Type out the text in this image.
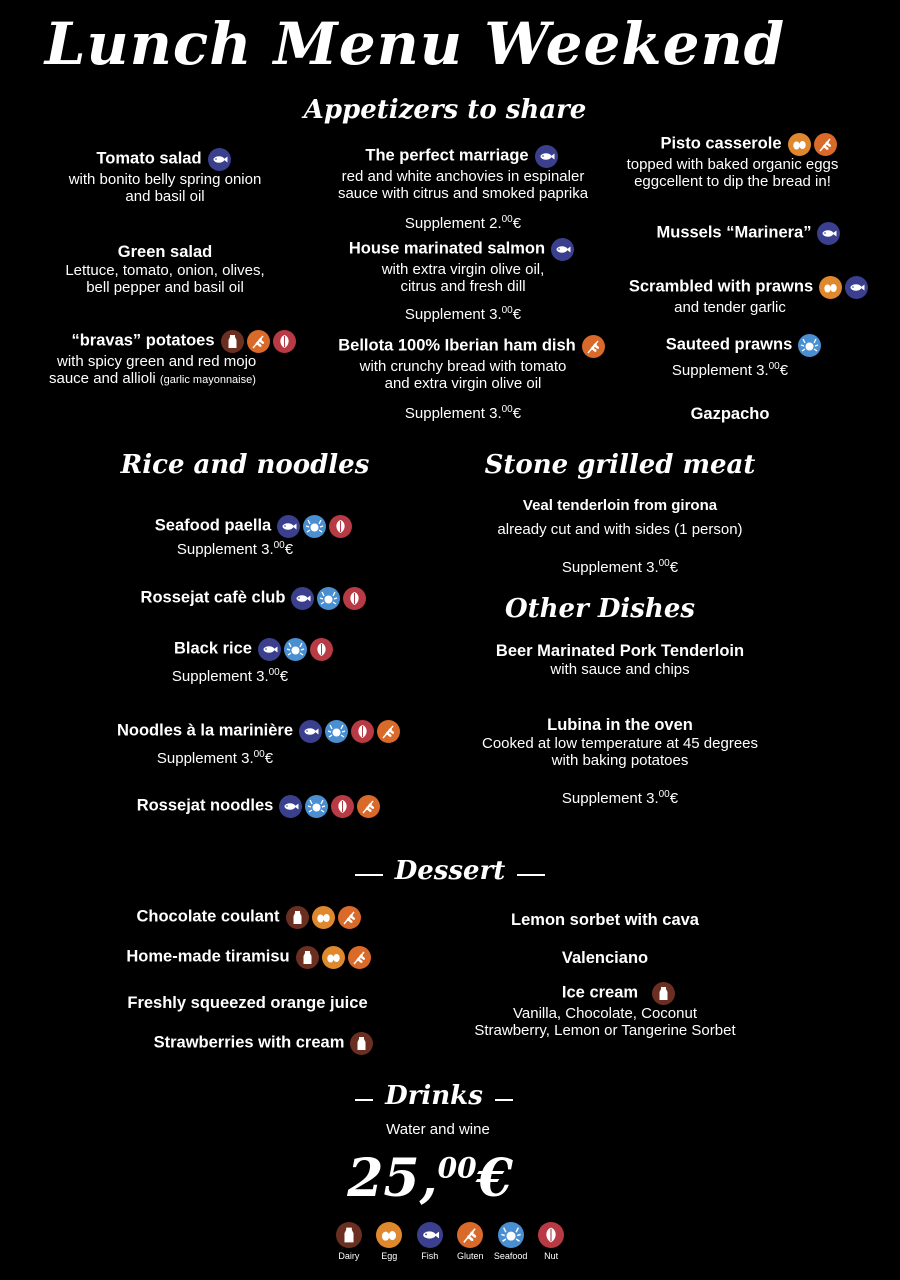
Lunch Menu Weekend
Appetizers to share
Tomato salad
with bonito belly spring onion
and basil oil
Green salad
Lettuce, tomato, onion, olives,
bell pepper and basil oil
“bravas” potatoes
with spicy green and red mojo
sauce and allioli (garlic mayonnaise)
The perfect marriage
red and white anchovies in espinaler
sauce with citrus and smoked paprika
Supplement 2.00€
House marinated salmon
with extra virgin olive oil,
citrus and fresh dill
Supplement 3.00€
Bellota 100% Iberian ham dish
with crunchy bread with tomato
and extra virgin olive oil
Supplement 3.00€
Pisto casserole
topped with baked organic eggs
eggcellent to dip the bread in!
Mussels “Marinera”
Scrambled with prawns
and tender garlic
Sauteed prawns
Supplement 3.00€
Gazpacho
Rice and noodles
Seafood paella
Supplement 3.00€
Rossejat cafè club
Black rice
Supplement 3.00€
Noodles à la marinière
Supplement 3.00€
Rossejat noodles
Stone grilled meat
Veal tenderloin from girona
already cut and with sides (1 person)
Supplement 3.00€
Other Dishes
Beer Marinated Pork Tenderloin
with sauce and chips
Lubina in the oven
Cooked at low temperature at 45 degrees
with baking potatoes
Supplement 3.00€
Dessert
Chocolate coulant
Home-made tiramisu
Freshly squeezed orange juice
Strawberries with cream
Lemon sorbet with cava
Valenciano
Ice cream
Vanilla, Chocolate, Coconut
Strawberry, Lemon or Tangerine Sorbet
Drinks
Water and wine
25,00€
Dairy
	Egg
	Fish
	Gluten
	Seafood
	Nut
